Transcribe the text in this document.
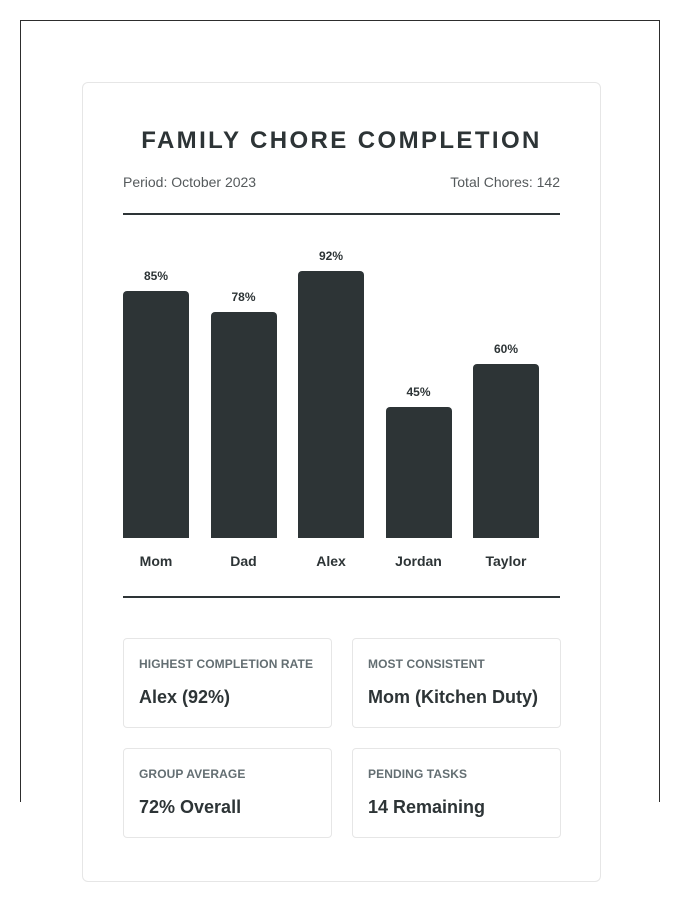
FAMILY CHORE COMPLETION
Period: October 2023	Total Chores: 142
85%
78%
92%
45%
60%
HIGHEST COMPLETION RATE
Alex (92%)
MOST CONSISTENT
Mom (Kitchen Duty)
GROUP AVERAGE
72% Overall
PENDING TASKS
14 Remaining
Mom	Dad	Alex	Jordan	Taylor
